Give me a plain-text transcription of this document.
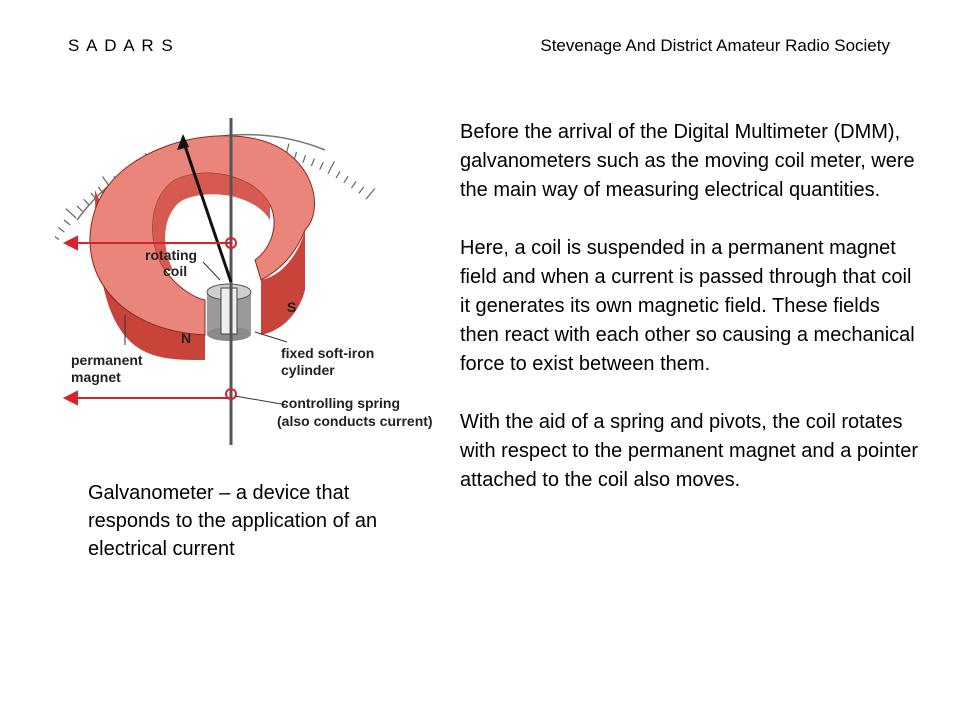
S A D A R S	Stevenage And District Amateur Radio Society
rotating
coil
permanent
magnet
fixed soft-iron
cylinder
controlling spring
(also conducts current)
N
S
Galvanometer – a device that responds to the application of an electrical current

Before the arrival of the Digital Multimeter (DMM), galvanometers such as the moving coil meter, were the main way of measuring electrical quantities.

Here, a coil is suspended in a permanent magnet field and when a current is passed through that coil it generates its own magnetic field. These fields then react with each other so causing a mechanical force to exist between them.

With the aid of a spring and pivots, the coil rotates with respect to the permanent magnet and a pointer attached to the coil also moves.
